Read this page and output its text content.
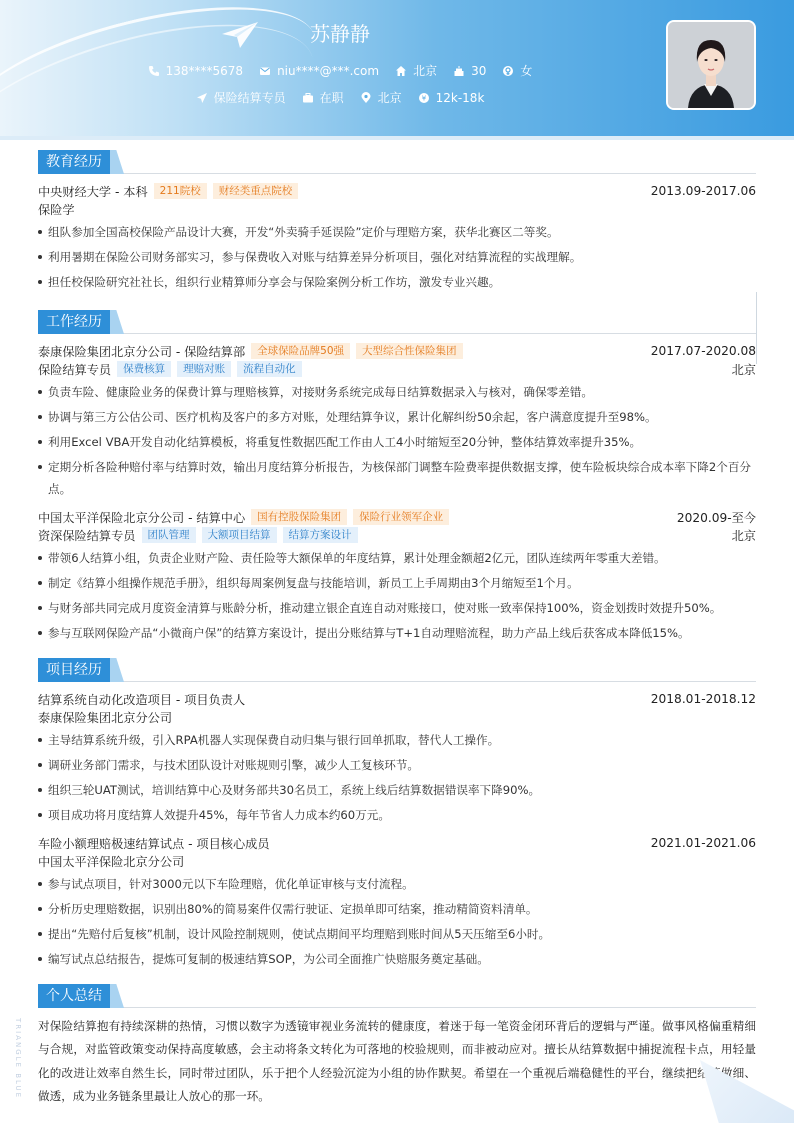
苏静静
138****5678	niu****@***.com	北京	30	女
保险结算专员	在职	北京	¥ 12k-18k
教育经历
中央财经大学 - 本科	211院校	财经类重点院校	2013.09-2017.06
保险学
组队参加全国高校保险产品设计大赛，开发“外卖骑手延误险”定价与理赔方案，获华北赛区二等奖。
利用暑期在保险公司财务部实习，参与保费收入对账与结算差异分析项目，强化对结算流程的实战理解。
担任校保险研究社社长，组织行业精算师分享会与保险案例分析工作坊，激发专业兴趣。
工作经历
泰康保险集团北京分公司 - 保险结算部	全球保险品牌50强	大型综合性保险集团	2017.07-2020.08
保险结算专员	保费核算	理赔对账	流程自动化	北京
负责车险、健康险业务的保费计算与理赔核算，对接财务系统完成每日结算数据录入与核对，确保零差错。
协调与第三方公估公司、医疗机构及客户的多方对账，处理结算争议，累计化解纠纷50余起，客户满意度提升至98%。
利用Excel VBA开发自动化结算模板，将重复性数据匹配工作由人工4小时缩短至20分钟，整体结算效率提升35%。
定期分析各险种赔付率与结算时效，输出月度结算分析报告，为核保部门调整车险费率提供数据支撑，使车险板块综合成本率下降2个百分点。
中国太平洋保险北京分公司 - 结算中心	国有控股保险集团	保险行业领军企业	2020.09-至今
资深保险结算专员	团队管理	大额项目结算	结算方案设计	北京
带领6人结算小组，负责企业财产险、责任险等大额保单的年度结算，累计处理金额超2亿元，团队连续两年零重大差错。
制定《结算小组操作规范手册》，组织每周案例复盘与技能培训，新员工上手周期由3个月缩短至1个月。
与财务部共同完成月度资金清算与账龄分析，推动建立银企直连自动对账接口，使对账一致率保持100%，资金划拨时效提升50%。
参与互联网保险产品“小微商户保”的结算方案设计，提出分账结算与T+1自动理赔流程，助力产品上线后获客成本降低15%。
项目经历
结算系统自动化改造项目 - 项目负责人	2018.01-2018.12
泰康保险集团北京分公司
主导结算系统升级，引入RPA机器人实现保费自动归集与银行回单抓取，替代人工操作。
调研业务部门需求，与技术团队设计对账规则引擎，减少人工复核环节。
组织三轮UAT测试，培训结算中心及财务部共30名员工，系统上线后结算数据错误率下降90%。
项目成功将月度结算人效提升45%，每年节省人力成本约60万元。
车险小额理赔极速结算试点 - 项目核心成员	2021.01-2021.06
中国太平洋保险北京分公司
参与试点项目，针对3000元以下车险理赔，优化单证审核与支付流程。
分析历史理赔数据，识别出80%的简易案件仅需行驶证、定损单即可结案，推动精简资料清单。
提出“先赔付后复核”机制，设计风险控制规则，使试点期间平均理赔到账时间从5天压缩至6小时。
编写试点总结报告，提炼可复制的极速结算SOP，为公司全面推广快赔服务奠定基础。
个人总结

对保险结算抱有持续深耕的热情，习惯以数字为透镜审视业务流转的健康度，着迷于每一笔资金闭环背后的逻辑与严谨。做事风格偏重精细与合规，对监管政策变动保持高度敏感，会主动将条文转化为可落地的校验规则，而非被动应对。擅长从结算数据中捕捉流程卡点，用轻量化的改进让效率自然生长，同时带过团队，乐于把个人经验沉淀为小组的协作默契。希望在一个重视后端稳健性的平台，继续把结算做细、做透，成为业务链条里最让人放心的那一环。

TRIANGLE BLUE
